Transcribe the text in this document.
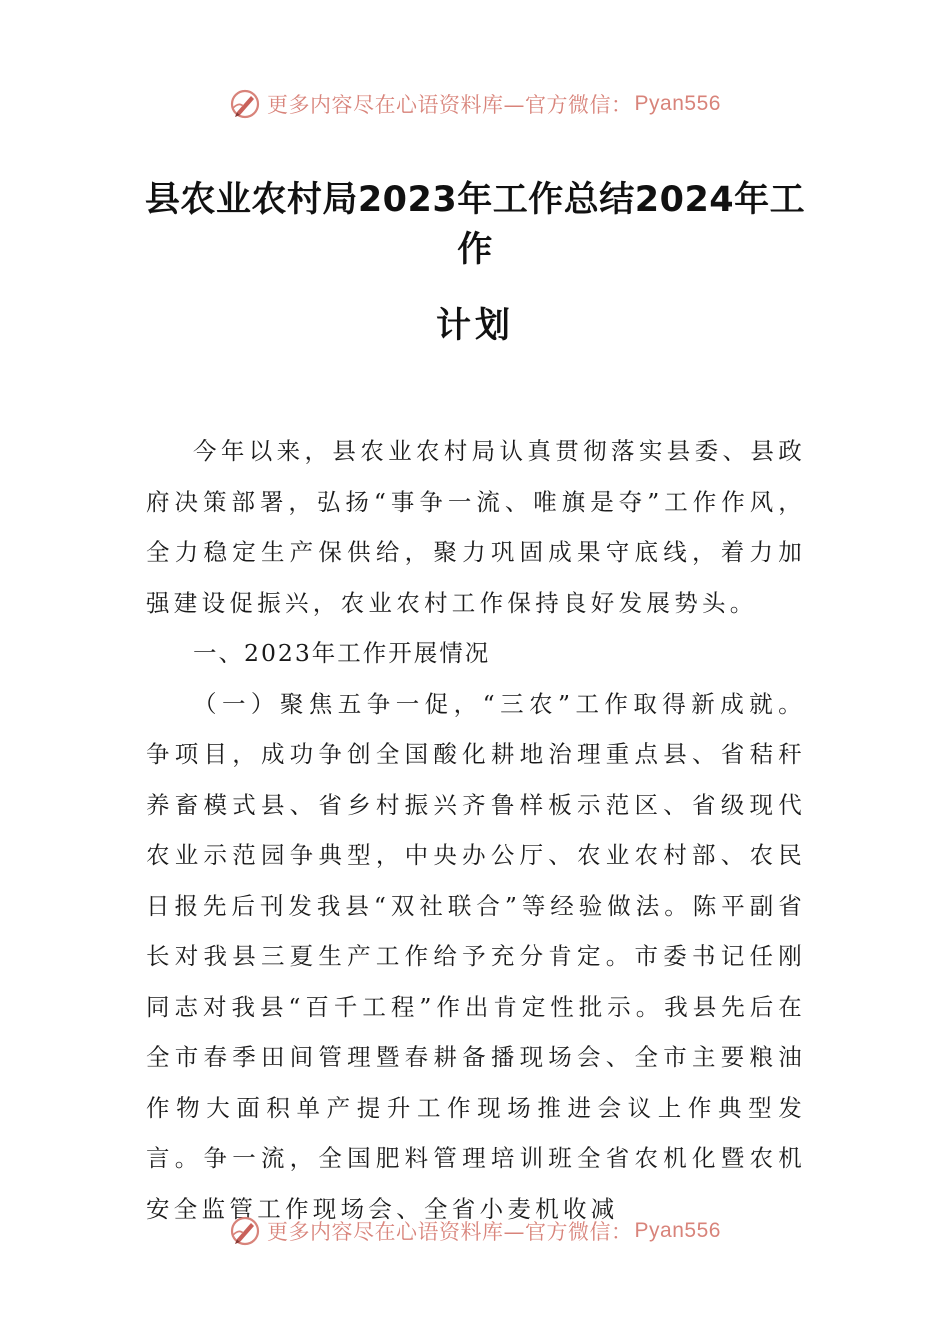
更多内容尽在心语资料库—官方微信： Pyan556
县农业农村局2023年工作总结2024年工作
计划

今年以来，县农业农村局认真贯彻落实县委、县政府决策部署，弘扬“事争一流、唯旗是夺”工作作风，全力稳定生产保供给，聚力巩固成果守底线，着力加强建设促振兴，农业农村工作保持良好发展势头。

一、2023年工作开展情况

（一）聚焦五争一促，“三农”工作取得新成就。争项目，成功争创全国酸化耕地治理重点县、省秸秆养畜模式县、省乡村振兴齐鲁样板示范区、省级现代农业示范园争典型，中央办公厅、农业农村部、农民日报先后刊发我县“双社联合”等经验做法。陈平副省长对我县三夏生产工作给予充分肯定。市委书记任刚同志对我县“百千工程”作出肯定性批示。我县先后在全市春季田间管理暨春耕备播现场会、全市主要粮油作物大面积单产提升工作现场推进会议上作典型发言。争一流，全国肥料管理培训班全省农机化暨农机安全监管工作现场会、全省小麦机收减

更多内容尽在心语资料库—官方微信： Pyan556
